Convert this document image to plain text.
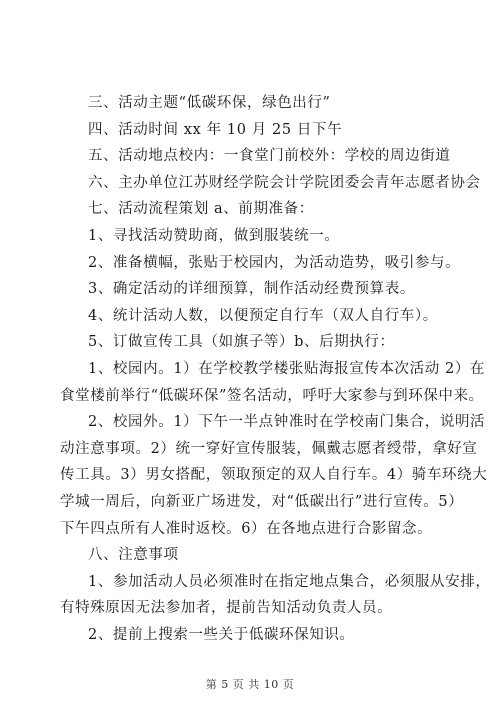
三、活动主题“低碳环保，绿色出行”
四、活动时间 xx 年 10 月 25 日下午
五、活动地点校内：一食堂门前校外：学校的周边街道
六、主办单位江苏财经学院会计学院团委会青年志愿者协会
七、活动流程策划 a、前期准备：
1、寻找活动赞助商，做到服装统一。
2、准备横幅，张贴于校园内，为活动造势，吸引参与。
3、确定活动的详细预算，制作活动经费预算表。
4、统计活动人数，以便预定自行车（双人自行车）。
5、订做宣传工具（如旗子等）b、后期执行：
1、校园内。1）在学校教学楼张贴海报宣传本次活动 2）在
食堂楼前举行“低碳环保”签名活动，呼吁大家参与到环保中来。
2、校园外。1）下午一半点钟准时在学校南门集合，说明活
动注意事项。2）统一穿好宣传服装，佩戴志愿者绶带，拿好宣
传工具。3）男女搭配，领取预定的双人自行车。4）骑车环绕大
学城一周后，向新亚广场进发，对“低碳出行”进行宣传。5）
下午四点所有人准时返校。6）在各地点进行合影留念。
八、注意事项
1、参加活动人员必须准时在指定地点集合，必须服从安排，
有特殊原因无法参加者，提前告知活动负责人员。
2、提前上搜索一些关于低碳环保知识。
第 5 页 共 10 页
